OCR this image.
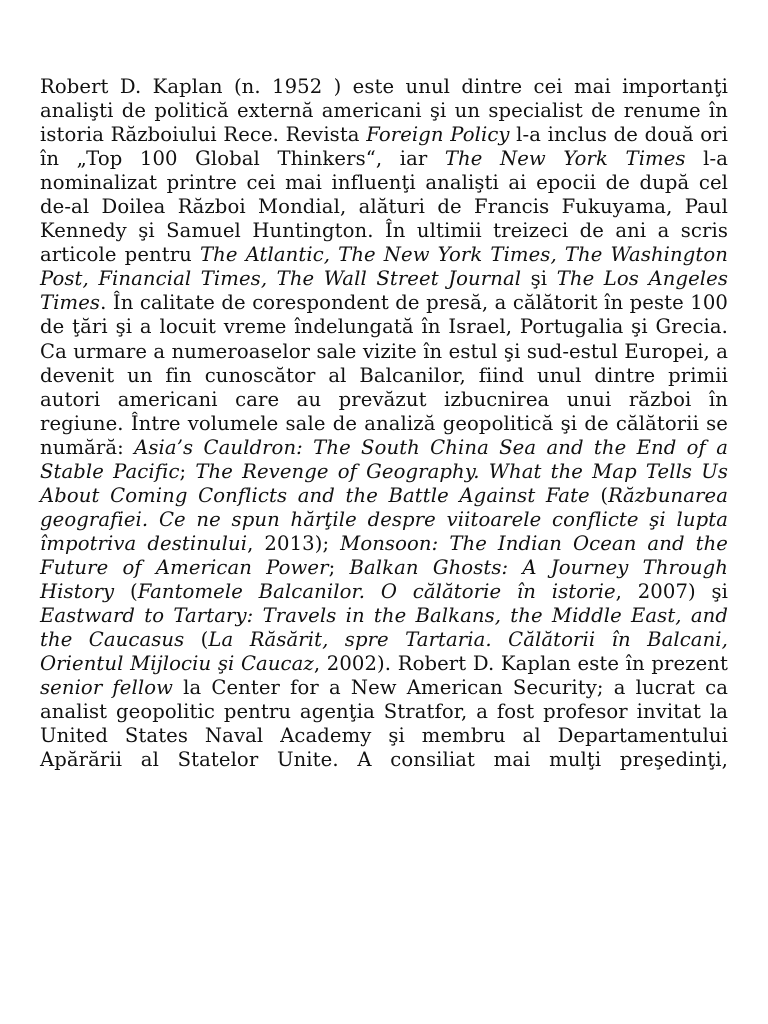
Robert D. Kaplan (n. 1952 ) este unul dintre cei mai importanţi analişti de politică externă americani şi un specialist de renume în istoria Războiului Rece. Revista Foreign Policy l-a inclus de două ori în „Top 100 Global Thinkers“, iar The New York Times l-a nominalizat printre cei mai influenţi analişti ai epocii de după cel de-al Doilea Război Mondial, alături de Francis Fukuyama, Paul Kennedy şi Samuel Huntington. În ultimii treizeci de ani a scris articole pentru The Atlantic, The New York Times, The Washington Post, Financial Times, The Wall Street Journal şi The Los Angeles Times. În calitate de corespondent de presă, a călătorit în peste 100 de ţări şi a locuit vreme îndelungată în Israel, Portugalia şi Grecia. Ca urmare a numeroaselor sale vizite în estul şi sud-estul Europei, a devenit un fin cunoscător al Balcanilor, fiind unul dintre primii autori americani care au prevăzut izbucnirea unui război în regiune. Între volumele sale de analiză geopolitică şi de călătorii se numără: Asia’s Cauldron: The South China Sea and the End of a Stable Pacific; The Revenge of Geography. What the Map Tells Us About Coming Conflicts and the Battle Against Fate (Răzbunarea geografiei. Ce ne spun hărţile despre viitoarele conflicte şi lupta împotriva destinului, 2013); Monsoon: The Indian Ocean and the Future of American Power; Balkan Ghosts: A Journey Through History (Fantomele Balcanilor. O călătorie în istorie, 2007) şi Eastward to Tartary: Travels in the Balkans, the Middle East, and the Caucasus (La Răsărit, spre Tartaria. Călătorii în Balcani, Orientul Mijlociu şi Caucaz, 2002). Robert D. Kaplan este în prezent senior fellow la Center for a New American Security; a lucrat ca analist geopolitic pentru agenţia Stratfor, a fost profesor invitat la United States Naval Academy şi membru al Departamentului Apărării al Statelor Unite. A consiliat mai mulţi preşedinţi,
